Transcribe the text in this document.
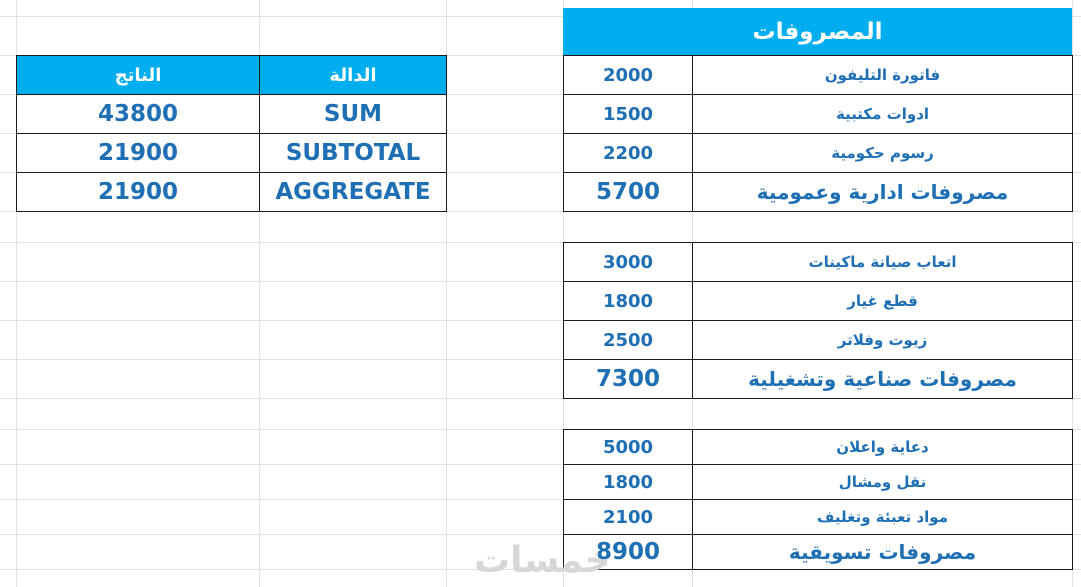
الناتج	الدالة
43800	SUM
21900	SUBTOTAL
21900	AGGREGATE
المصروفات
2000	فاتورة التليفون
1500	ادوات مكتبية
2200	رسوم حكومية
5700	مصروفات ادارية وعمومية
3000	اتعاب صيانة ماكينات
1800	قطع غيار
2500	زيوت وفلاتر
7300	مصروفات صناعية وتشغيلية
5000	دعاية واعلان
1800	نقل ومشال
2100	مواد تعبئة وتغليف
8900	مصروفات تسويقية
خمسات
